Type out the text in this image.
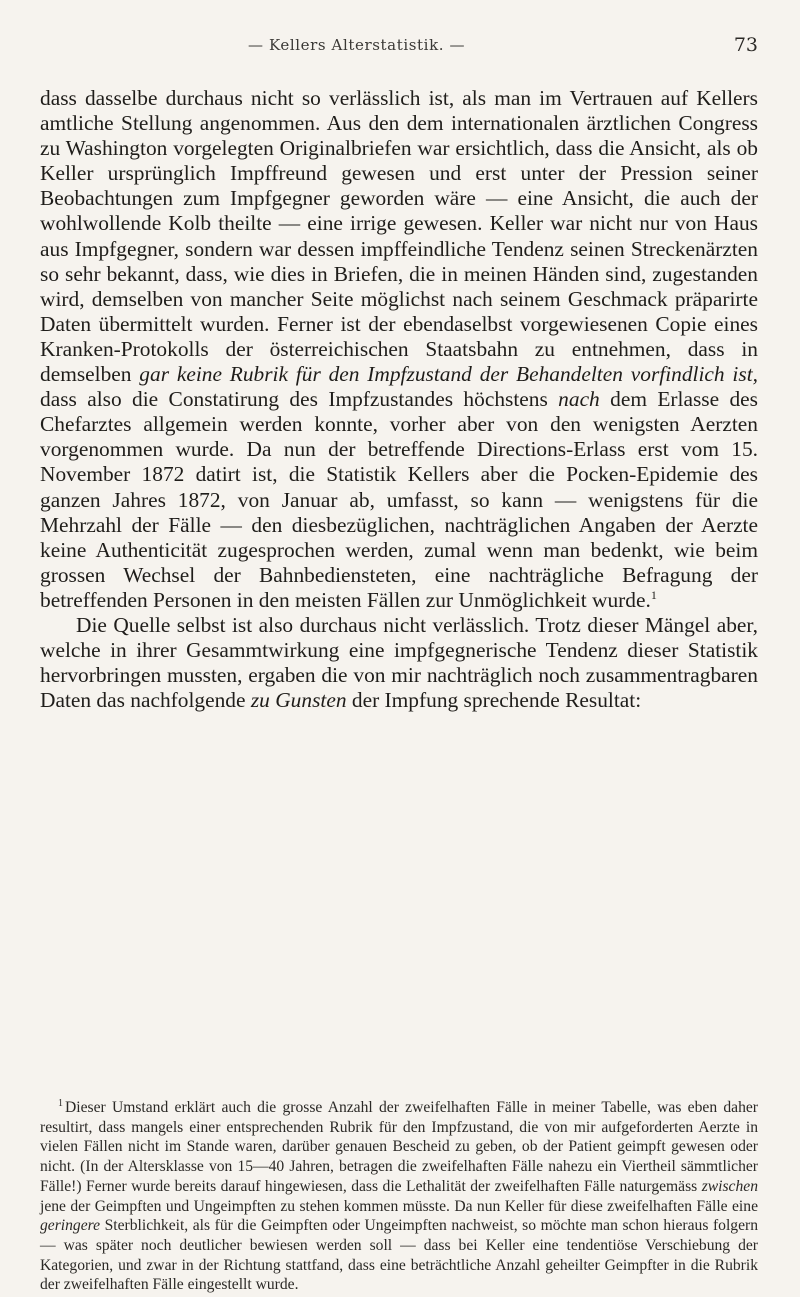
— Kellers Alterstatistik. —	73

dass dasselbe durchaus nicht so verlässlich ist, als man im Vertrauen auf Kellers amtliche Stellung angenommen. Aus den dem internationalen ärztlichen Congress zu Washington vorgelegten Originalbriefen war ersichtlich, dass die Ansicht, als ob Keller ursprünglich Impffreund gewesen und erst unter der Pression seiner Beobachtungen zum Impfgegner geworden wäre — eine Ansicht, die auch der wohlwollende Kolb theilte — eine irrige gewesen. Keller war nicht nur von Haus aus Impfgegner, sondern war dessen impffeindliche Tendenz seinen Streckenärzten so sehr bekannt, dass, wie dies in Briefen, die in meinen Händen sind, zugestanden wird, demselben von mancher Seite möglichst nach seinem Geschmack präparirte Daten übermittelt wurden. Ferner ist der ebendaselbst vorgewiesenen Copie eines Kranken-Protokolls der österreichischen Staatsbahn zu entnehmen, dass in demselben gar keine Rubrik für den Impfzustand der Behandelten vorfindlich ist, dass also die Constatirung des Impfzustandes höchstens nach dem Erlasse des Chefarztes allgemein werden konnte, vorher aber von den wenigsten Aerzten vorgenommen wurde. Da nun der betreffende Directions-Erlass erst vom 15. November 1872 datirt ist, die Statistik Kellers aber die Pocken-Epidemie des ganzen Jahres 1872, von Januar ab, umfasst, so kann — wenigstens für die Mehrzahl der Fälle — den diesbezüglichen, nachträglichen Angaben der Aerzte keine Authenticität zugesprochen werden, zumal wenn man bedenkt, wie beim grossen Wechsel der Bahnbediensteten, eine nachträgliche Befragung der betreffenden Personen in den meisten Fällen zur Unmöglichkeit wurde.$^1$

Die Quelle selbst ist also durchaus nicht verlässlich. Trotz dieser Mängel aber, welche in ihrer Gesammtwirkung eine impfgegnerische Tendenz dieser Statistik hervorbringen mussten, ergaben die von mir nachträglich noch zusammentragbaren Daten das nachfolgende zu Gunsten der Impfung sprechende Resultat:

$^1$ Dieser Umstand erklärt auch die grosse Anzahl der zweifelhaften Fälle in meiner Tabelle, was eben daher resultirt, dass mangels einer entsprechenden Rubrik für den Impfzustand, die von mir aufgeforderten Aerzte in vielen Fällen nicht im Stande waren, darüber genauen Bescheid zu geben, ob der Patient geimpft gewesen oder nicht. (In der Altersklasse von 15—40 Jahren, betragen die zweifelhaften Fälle nahezu ein Viertheil sämmtlicher Fälle!) Ferner wurde bereits darauf hingewiesen, dass die Lethalität der zweifelhaften Fälle naturgemäss zwischen jene der Geimpften und Ungeimpften zu stehen kommen müsste. Da nun Keller für diese zweifelhaften Fälle eine geringere Sterblichkeit, als für die Geimpften oder Ungeimpften nachweist, so möchte man schon hieraus folgern — was später noch deutlicher bewiesen werden soll — dass bei Keller eine tendentiöse Verschiebung der Kategorien, und zwar in der Richtung stattfand, dass eine beträchtliche Anzahl geheilter Geimpfter in die Rubrik der zweifelhaften Fälle eingestellt wurde.
